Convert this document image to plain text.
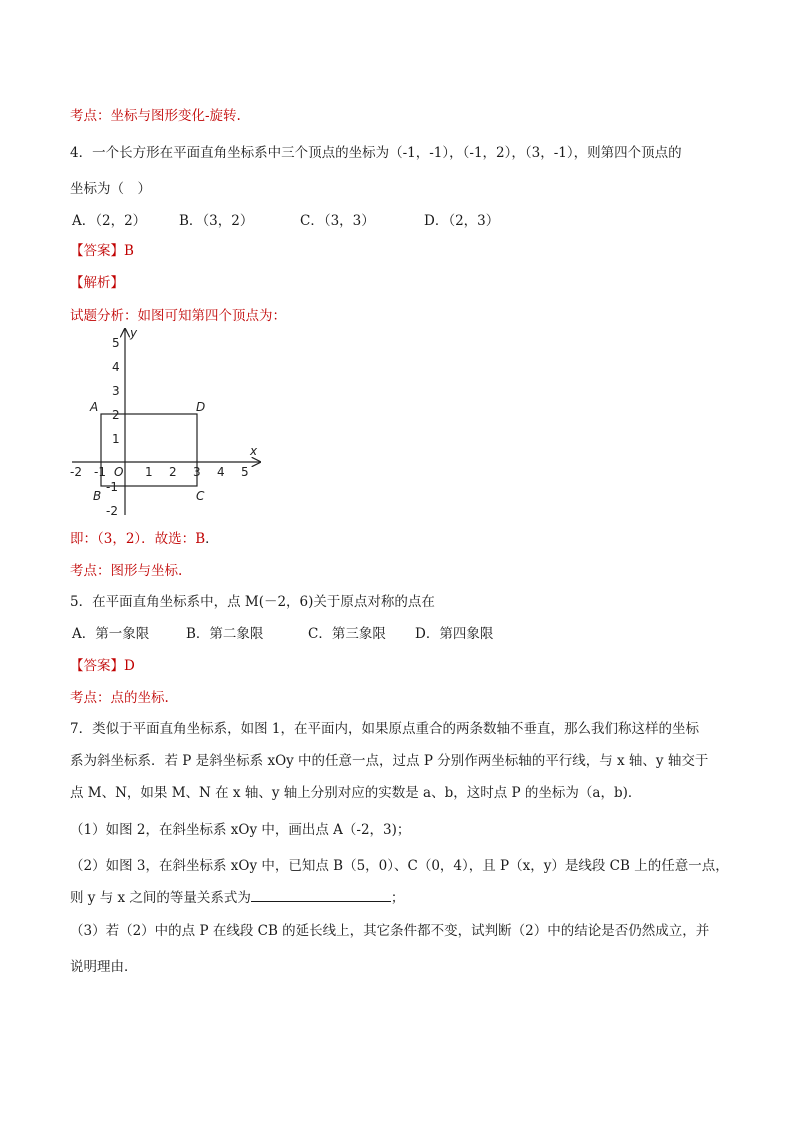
考点：坐标与图形变化-旋转.
4．一个长方形在平面直角坐标系中三个顶点的坐标为（-1，-1），（-1，2），（3，-1），则第四个顶点的
坐标为（　）
A．（2，2） B．（3，2）	C．（3，3）	D．（2，3）
【答案】B
【解析】
试题分析：如图可知第四个顶点为：
x
y
O
-2 -1	1 2 3 4 5
5
4
3
2
1
-1
-2
A	D
B	C
即：（3，2）．故选：B．
考点：图形与坐标.
5．在平面直角坐标系中，点 M(－2，6)关于原点对称的点在
A．第一象限	B．第二象限	C．第三象限 D．第四象限
【答案】D
考点：点的坐标.
7．类似于平面直角坐标系，如图 1，在平面内，如果原点重合的两条数轴不垂直，那么我们称这样的坐标
系为斜坐标系．若 P 是斜坐标系 xOy 中的任意一点，过点 P 分别作两坐标轴的平行线，与 x 轴、y 轴交于
点 M、N，如果 M、N 在 x 轴、y 轴上分别对应的实数是 a、b，这时点 P 的坐标为（a，b)．
（1）如图 2，在斜坐标系 xOy 中，画出点 A（-2，3)；
（2）如图 3，在斜坐标系 xOy 中，已知点 B（5，0）、C（0，4），且 P（x，y）是线段 CB 上的任意一点，
则 y 与 x 之间的等量关系式为	；
（3）若（2）中的点 P 在线段 CB 的延长线上，其它条件都不变，试判断（2）中的结论是否仍然成立，并
说明理由．
